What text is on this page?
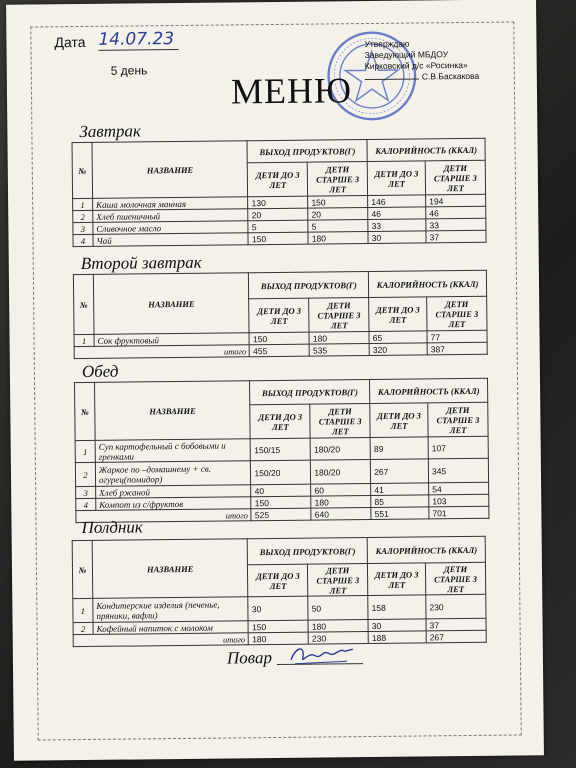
Дата 14.07.23
5 день
Утверждаю
Заведующий МБДОУ
Кирковский д/с «Росинка»
С.В.Баскакова
МЕНЮ
Завтрак
№	НАЗВАНИЕ	ВЫХОД ПРОДУКТОВ(Г)		КАЛОРИЙНОСТЬ (ККАЛ)	
		ДЕТИ ДО 3 ЛЕТ	ДЕТИ СТАРШЕ 3 ЛЕТ	ДЕТИ ДО 3 ЛЕТ	ДЕТИ СТАРШЕ 3 ЛЕТ
1	Каша молочная манная	130	150	146	194
2	Хлеб пшеничный	20	20	46	46
3	Сливочное масло	5	5	33	33
4	Чай	150	180	30	37
Второй завтрак
№	НАЗВАНИЕ	ВЫХОД ПРОДУКТОВ(Г)		КАЛОРИЙНОСТЬ (ККАЛ)	
		ДЕТИ ДО 3 ЛЕТ	ДЕТИ СТАРШЕ 3 ЛЕТ	ДЕТИ ДО 3 ЛЕТ	ДЕТИ СТАРШЕ 3 ЛЕТ
1	Сок фруктовый	150	180	65	77
	итого	455	535	320	387
Обед
№	НАЗВАНИЕ	ВЫХОД ПРОДУКТОВ(Г)		КАЛОРИЙНОСТЬ (ККАЛ)	
		ДЕТИ ДО 3 ЛЕТ	ДЕТИ СТАРШЕ 3 ЛЕТ	ДЕТИ ДО 3 ЛЕТ	ДЕТИ СТАРШЕ 3 ЛЕТ
1	Суп картофельный с бобовыми и гренками	150/15	180/20	89	107
2	Жаркое по –домашнему + св. огурец(помидор)	150/20	180/20	267	345
3	Хлеб ржаной	40	60	41	54
4	Компот из с/фруктов	150	180	85	103
	итого	525	640	551	701
Полдник
№	НАЗВАНИЕ	ВЫХОД ПРОДУКТОВ(Г)		КАЛОРИЙНОСТЬ (ККАЛ)	
		ДЕТИ ДО 3 ЛЕТ	ДЕТИ СТАРШЕ 3 ЛЕТ	ДЕТИ ДО 3 ЛЕТ	ДЕТИ СТАРШЕ 3 ЛЕТ
1	Кондитерские изделия (печенье, пряники, вафли)	30	50	158	230
2	Кофейный напиток с молоком	150	180	30	37
	итого	180	230	188	267
Повар
